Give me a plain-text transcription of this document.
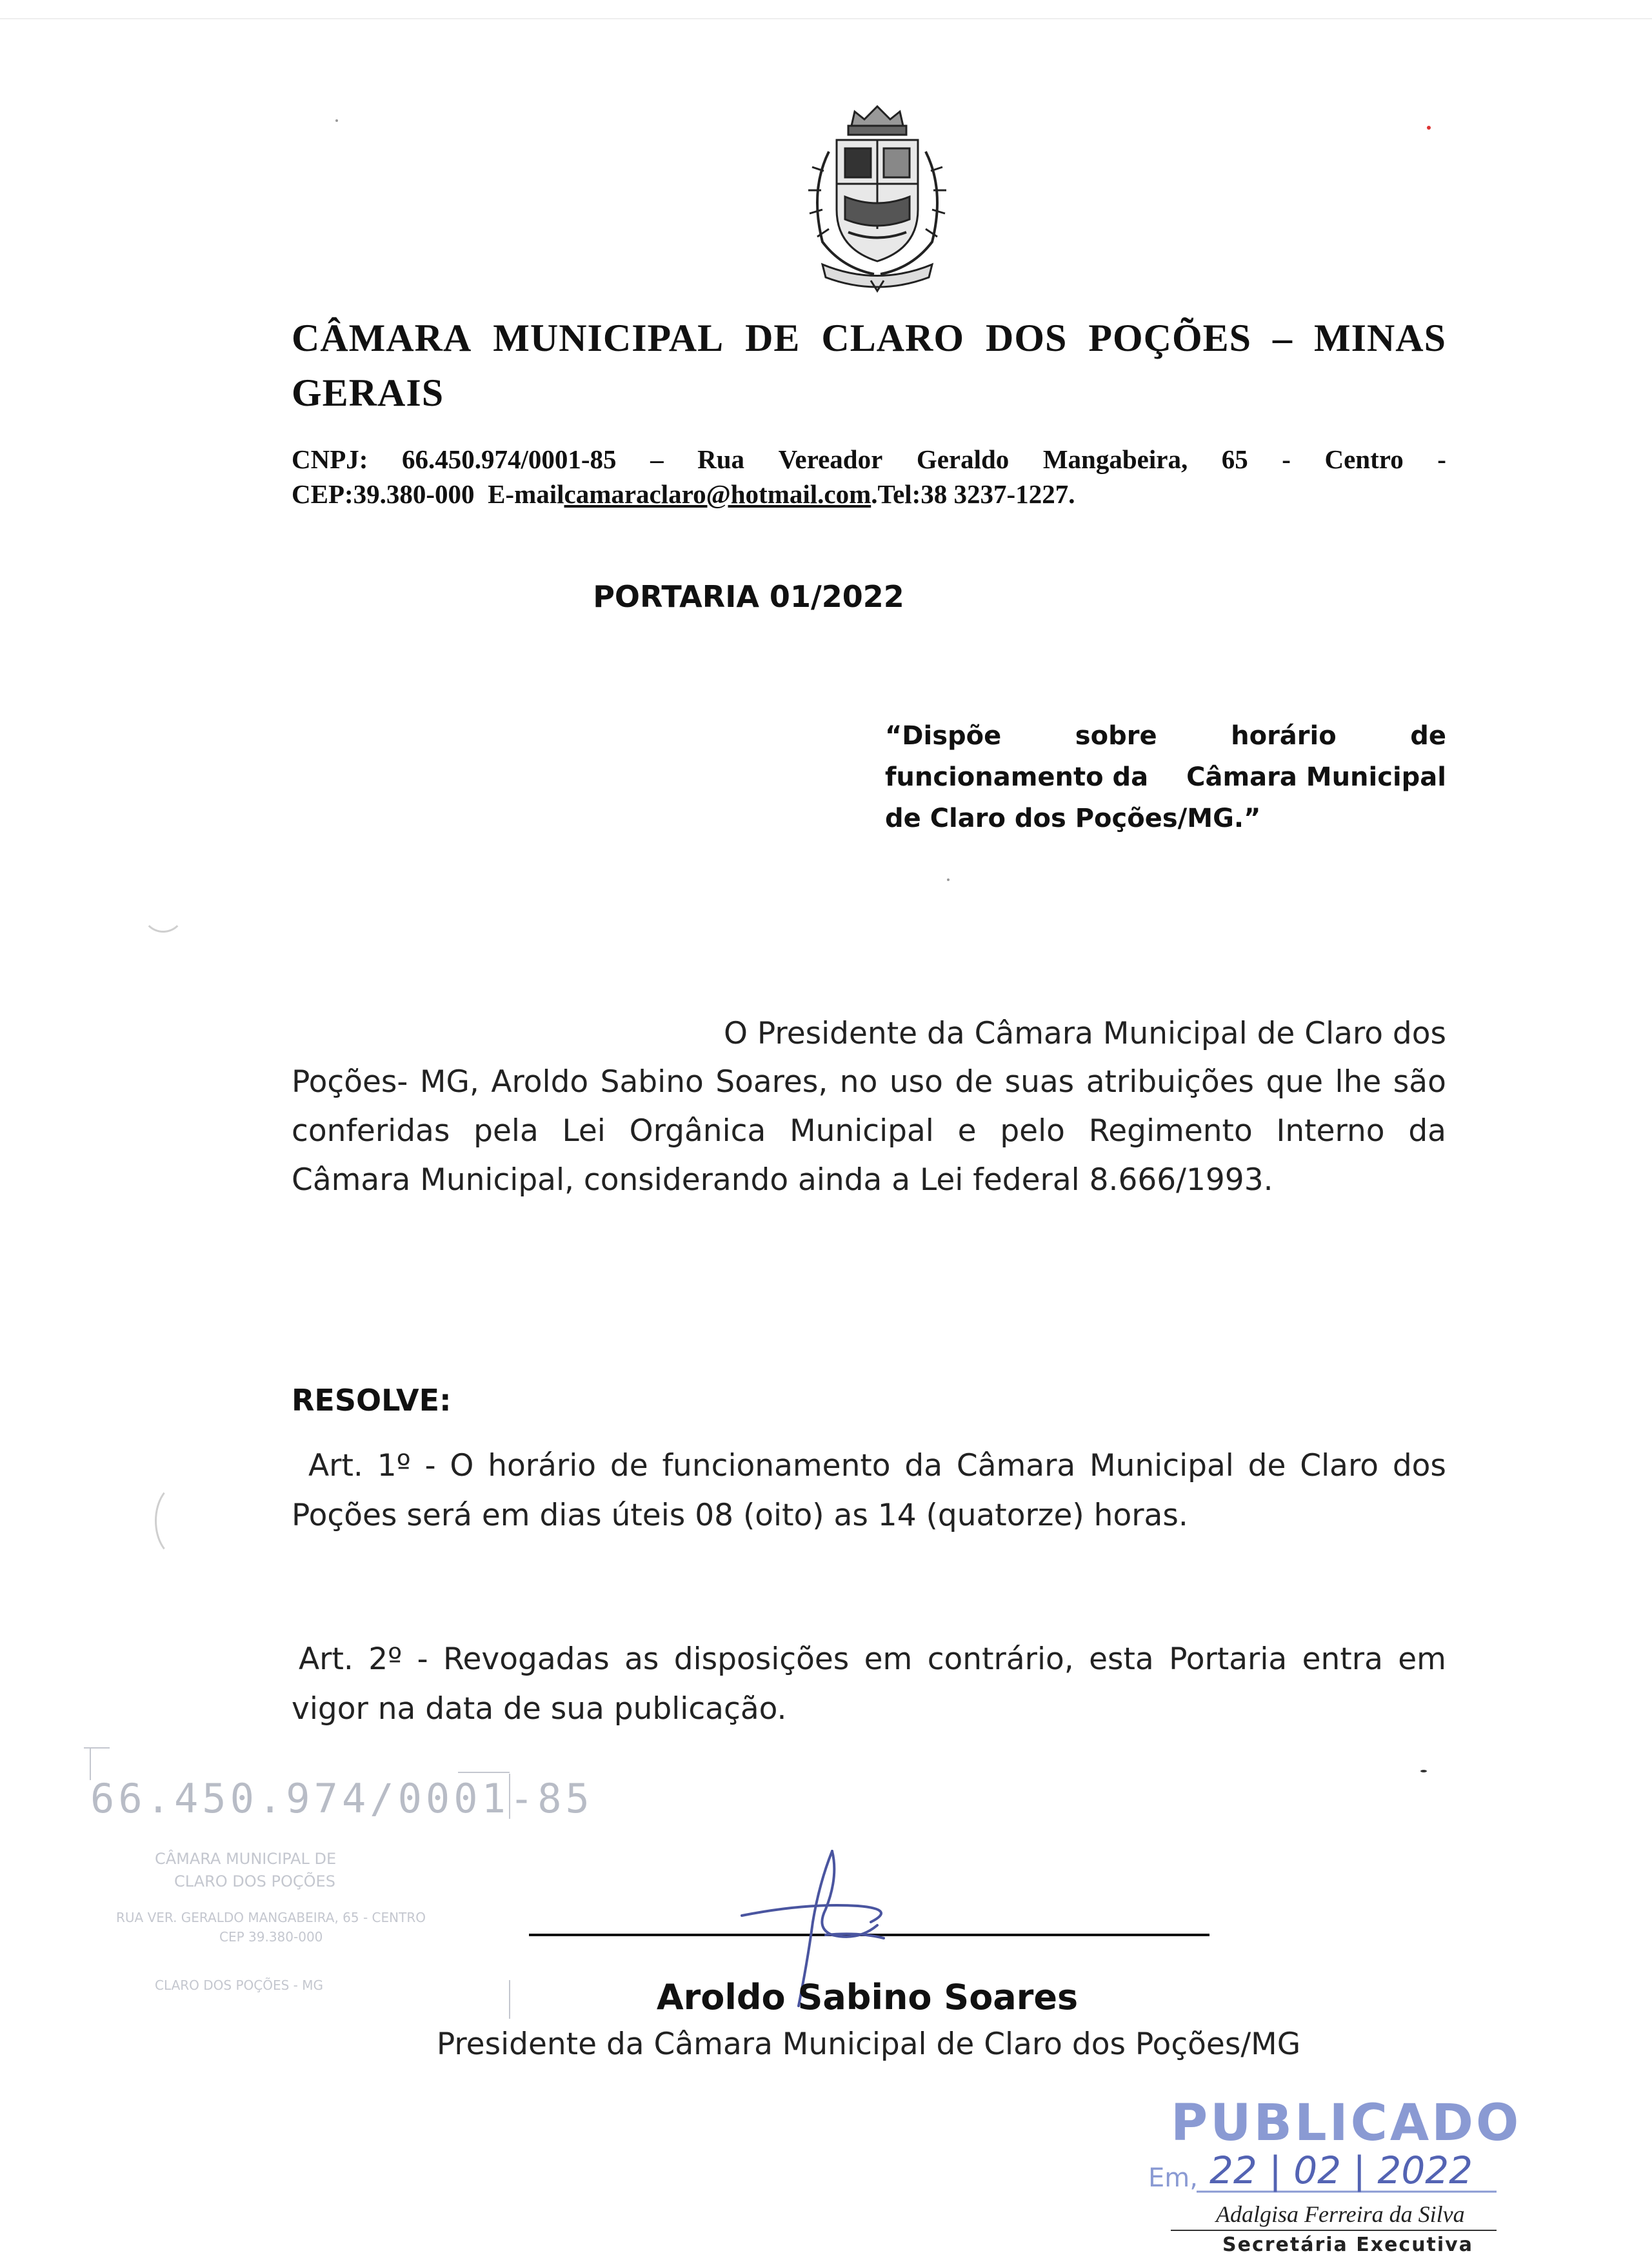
CÂMARA MUNICIPAL DE CLARO DOS POÇÕES – MINAS
GERAIS
CNPJ: 66.450.974/0001-85 – Rua Vereador Geraldo Mangabeira, 65 - Centro -
CEP:39.380-000 E-mailcamaraclaro@hotmail.com.Tel:38 3237-1227.
PORTARIA 01/2022
“Dispõe	sobre	horário	de
funcionamento da Câmara Municipal
de Claro dos Poções/MG.”
O Presidente da Câmara Municipal de Claro dos
Poções- MG, Aroldo Sabino Soares, no uso de suas atribuições que lhe são
conferidas pela Lei Orgânica Municipal e pelo Regimento Interno da
Câmara Municipal, considerando ainda a Lei federal 8.666/1993.
RESOLVE:
Art. 1º - O horário de funcionamento da Câmara Municipal de Claro dos
Poções será em dias úteis 08 (oito) as 14 (quatorze) horas.
Art. 2º - Revogadas as disposições em contrário, esta Portaria entra em
vigor na data de sua publicação.
66.450.974/0001-85
CÂMARA MUNICIPAL DE
CLARO DOS POÇÕES
RUA VER. GERALDO MANGABEIRA, 65 - CENTRO
CEP 39.380-000
CLARO DOS POÇÕES - MG	Aroldo Sabino Soares
Presidente da Câmara Municipal de Claro dos Poções/MG
PUBLICADO
Em, 22 | 02 | 2022
Adalgisa Ferreira da Silva
Secretária Executiva
